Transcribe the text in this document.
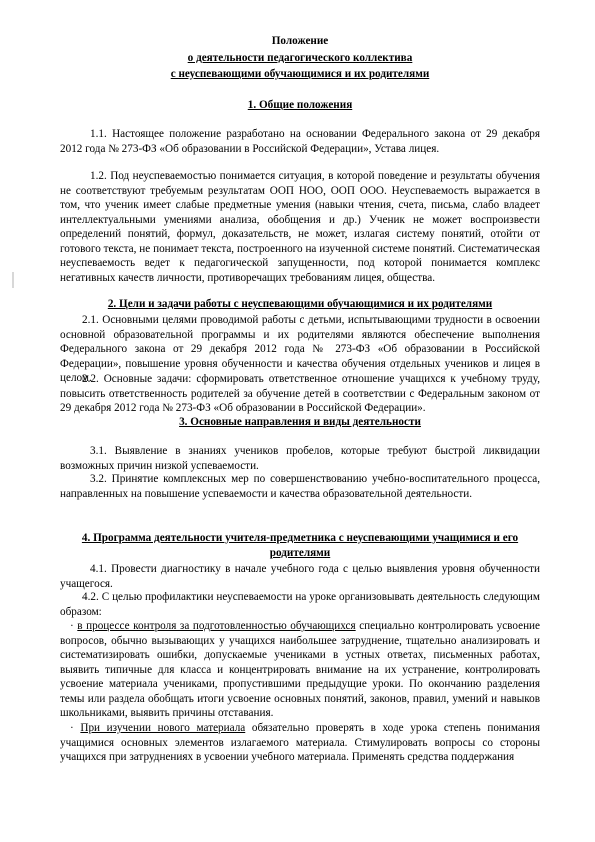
Положение
о деятельности педагогического коллектива
с неуспевающими обучающимися и их родителями
1. Общие положения
1.1. Настоящее положение разработано на основании Федерального закона от 29 декабря 2012 года № 273-ФЗ «Об образовании в Российской Федерации», Устава лицея.
1.2. Под неуспеваемостью понимается ситуация, в которой поведение и результаты обучения не соответствуют требуемым результатам ООП НОО, ООП ООО. Неуспеваемость выражается в том, что ученик имеет слабые предметные умения (навыки чтения, счета, письма, слабо владеет интеллектуальными умениями анализа, обобщения и др.) Ученик не может воспроизвести определений понятий, формул, доказательств, не может, излагая систему понятий, отойти от готового текста, не понимает текста, построенного на изученной системе понятий. Систематическая неуспеваемость ведет к педагогической запущенности, под которой понимается комплекс негативных качеств личности, противоречащих требованиям лицея, общества.
2. Цели и задачи работы с неуспевающими обучающимися и их родителями
2.1. Основными целями проводимой работы с детьми, испытывающими трудности в освоении основной образовательной программы и их родителями являются обеспечение выполнения Федерального закона от 29 декабря 2012 года № 273-ФЗ «Об образовании в Российской Федерации», повышение уровня обученности и качества обучения отдельных учеников и лицея в целом.
2.2. Основные задачи: сформировать ответственное отношение учащихся к учебному труду, повысить ответственность родителей за обучение детей в соответствии с Федеральным законом от 29 декабря 2012 года № 273-ФЗ «Об образовании в Российской Федерации».
3. Основные направления и виды деятельности
3.1. Выявление в знаниях учеников пробелов, которые требуют быстрой ликвидации возможных причин низкой успеваемости.
3.2. Принятие комплексных мер по совершенствованию учебно-воспитательного процесса, направленных на повышение успеваемости и качества образовательной деятельности.
4. Программа деятельности учителя-предметника с неуспевающими учащимися и его
родителями
4.1. Провести диагностику в начале учебного года с целью выявления уровня обученности учащегося.
4.2. С целью профилактики неуспеваемости на уроке организовывать деятельность следующим образом:
· в процессе контроля за подготовленностью обучающихся специально контролировать усвоение вопросов, обычно вызывающих у учащихся наибольшее затруднение, тщательно анализировать и систематизировать ошибки, допускаемые учениками в устных ответах, письменных работах, выявить типичные для класса и концентрировать внимание на их устранение, контролировать усвоение материала учениками, пропустившими предыдущие уроки. По окончанию разделения темы или раздела обобщать итоги усвоение основных понятий, законов, правил, умений и навыков школьниками, выявить причины отставания.
· При изучении нового материала обязательно проверять в ходе урока степень понимания учащимися основных элементов излагаемого материала. Стимулировать вопросы со стороны учащихся при затруднениях в усвоении учебного материала. Применять средства поддержания
